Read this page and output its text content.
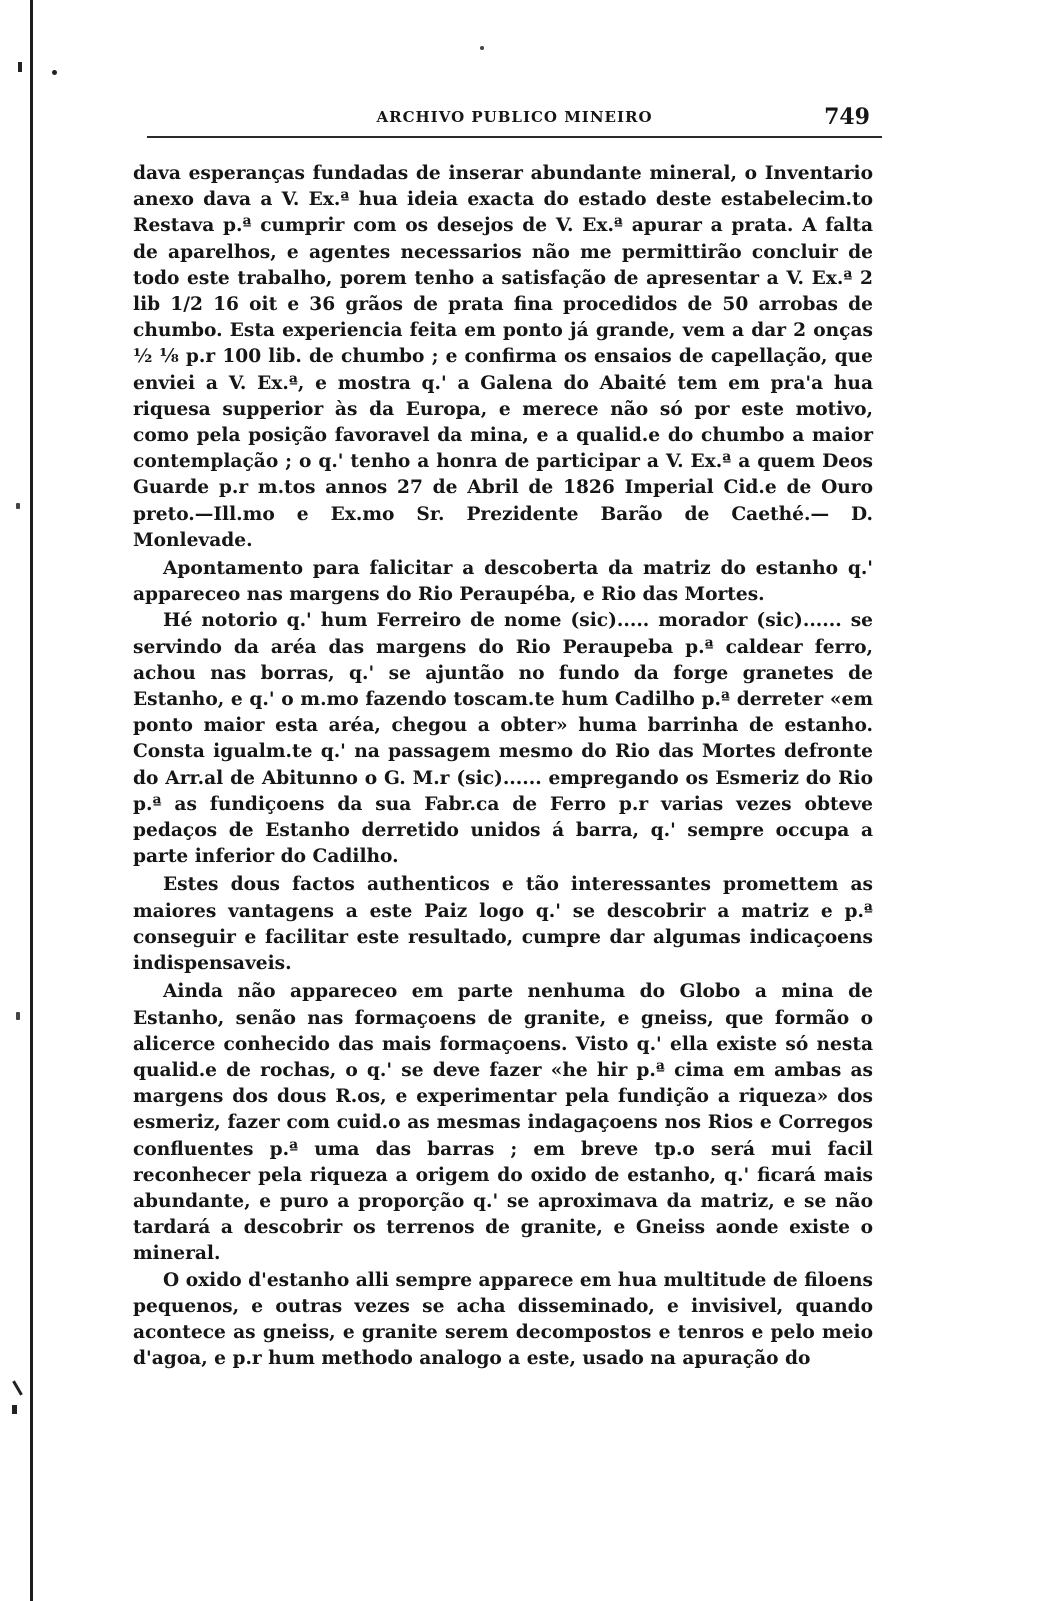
ARCHIVO PUBLICO MINEIRO	749

dava esperanças fundadas de inserar abundante mineral, o Inventario anexo dava a V. Ex.ª hua ideia exacta do estado deste estabelecim.to Restava p.ª cumprir com os desejos de V. Ex.ª apurar a prata. A falta de aparelhos, e agentes necessarios não me permittirão concluir de todo este trabalho, porem tenho a satisfação de apresentar a V. Ex.ª 2 lib 1/2 16 oit e 36 grãos de prata fina procedidos de 50 arrobas de chumbo. Esta experiencia feita em ponto já grande, vem a dar 2 onças ½ ⅛ p.r 100 lib. de chumbo ; e confirma os ensaios de capellação, que enviei a V. Ex.ª, e mostra q.' a Galena do Abaité tem em pra'a hua riquesa supperior às da Europa, e merece não só por este motivo, como pela posição favoravel da mina, e a qualid.e do chumbo a maior contemplação ; o q.' tenho a honra de participar a V. Ex.ª a quem Deos Guarde p.r m.tos annos 27 de Abril de 1826 Imperial Cid.e de Ouro preto.—Ill.mo e Ex.mo Sr. Prezidente Barão de Caethé.— D. Monlevade.

Apontamento para falicitar a descoberta da matriz do estanho q.' appareceo nas margens do Rio Peraupéba, e Rio das Mortes.

Hé notorio q.' hum Ferreiro de nome (sic)..... morador (sic)...... se servindo da aréa das margens do Rio Peraupeba p.ª caldear ferro, achou nas borras, q.' se ajuntão no fundo da forge granetes de Estanho, e q.' o m.mo fazendo toscam.te hum Cadilho p.ª derreter «em ponto maior esta aréa, chegou a obter» huma barrinha de estanho. Consta igualm.te q.' na passagem mesmo do Rio das Mortes defronte do Arr.al de Abitunno o G. M.r (sic)...... empregando os Esmeriz do Rio p.ª as fundiçoens da sua Fabr.ca de Ferro p.r varias vezes obteve pedaços de Estanho derretido unidos á barra, q.' sempre occupa a parte inferior do Cadilho.

Estes dous factos authenticos e tão interessantes promettem as maiores vantagens a este Paiz logo q.' se descobrir a matriz e p.ª conseguir e facilitar este resultado, cumpre dar algumas indicaçoens indispensaveis.

Ainda não appareceo em parte nenhuma do Globo a mina de Estanho, senão nas formaçoens de granite, e gneiss, que formão o alicerce conhecido das mais formaçoens. Visto q.' ella existe só nesta qualid.e de rochas, o q.' se deve fazer «he hir p.ª cima em ambas as margens dos dous R.os, e experimentar pela fundição a riqueza» dos esmeriz, fazer com cuid.o as mesmas indagaçoens nos Rios e Corregos confluentes p.ª uma das barras ; em breve tp.o será mui facil reconhecer pela riqueza a origem do oxido de estanho, q.' ficará mais abundante, e puro a proporção q.' se aproximava da matriz, e se não tardará a descobrir os terrenos de granite, e Gneiss aonde existe o mineral.

O oxido d'estanho alli sempre apparece em hua multitude de filoens pequenos, e outras vezes se acha disseminado, e invisivel, quando acontece as gneiss, e granite serem decompostos e tenros e pelo meio d'agoa, e p.r hum methodo analogo a este, usado na apuração do
